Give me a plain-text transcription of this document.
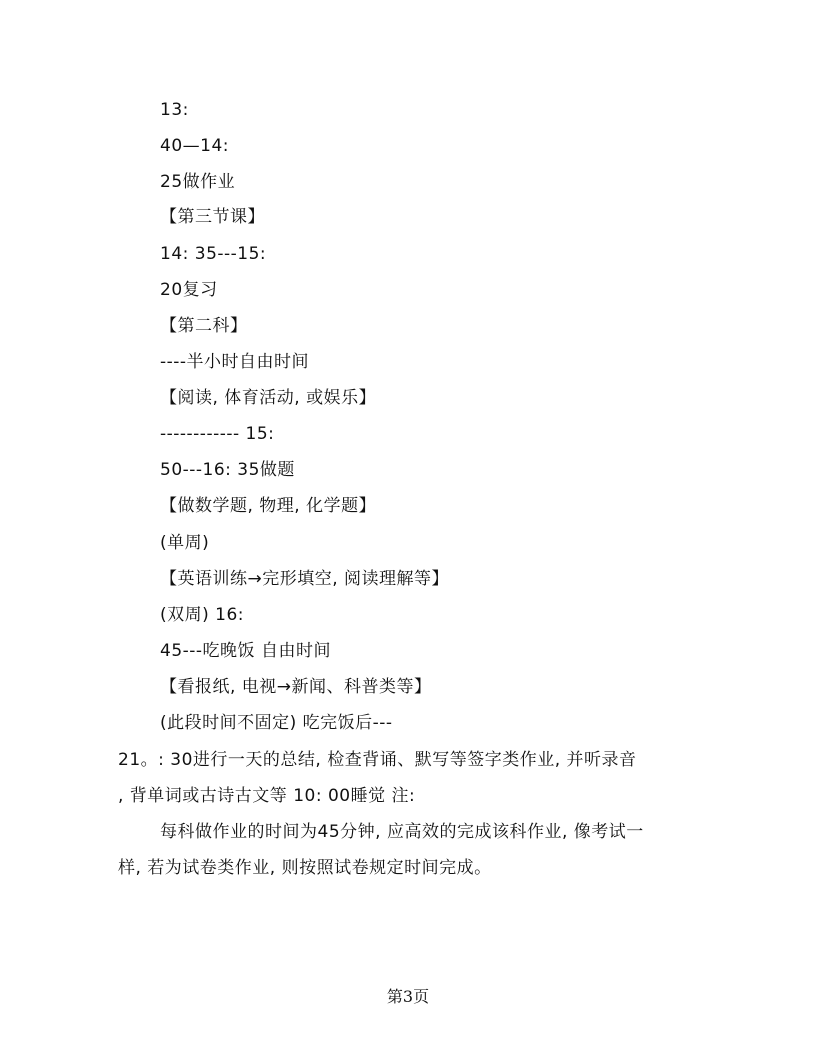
13:
40—14:
25做作业
【第三节课】
14: 35---15:
20复习
【第二科】
----半小时自由时间
【阅读, 体育活动, 或娱乐】
------------ 15:
50---16: 35做题
【做数学题, 物理, 化学题】
(单周)
【英语训练→完形填空, 阅读理解等】
(双周) 16:
45---吃晚饭 自由时间
【看报纸, 电视→新闻、科普类等】
(此段时间不固定) 吃完饭后---
21。: 30进行一天的总结, 检查背诵、默写等签字类作业, 并听录音
, 背单词或古诗古文等 10: 00睡觉 注:
每科做作业的时间为45分钟, 应高效的完成该科作业, 像考试一
样, 若为试卷类作业, 则按照试卷规定时间完成。
第3页
